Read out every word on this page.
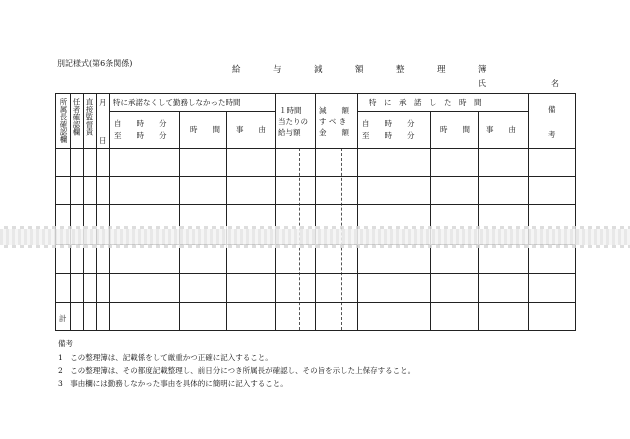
別記様式(第6条関係)
給　与　減　額　整　理　簿
氏	名
所属長確認欄 任者確認欄 直接監督責 月
日
特に承諾なくして勤務しなかった時間
自　　時　　分
至　　時　　分
時　　間 事　　由
１時間
当たりの
給与額
減　　額
す べ き
金　　額
特　に　承　諾　し　た　時　間
自　　時　　分
至　　時　　分
時　　間 事　　由
備
考
計
備考
1　この整理簿は、記載係をして厳重かつ正確に記入すること。
2　この整理簿は、その都度記載整理し、前日分につき所属長が確認し、その旨を示した上保存すること。
3　事由欄には勤務しなかった事由を具体的に簡明に記入すること。
